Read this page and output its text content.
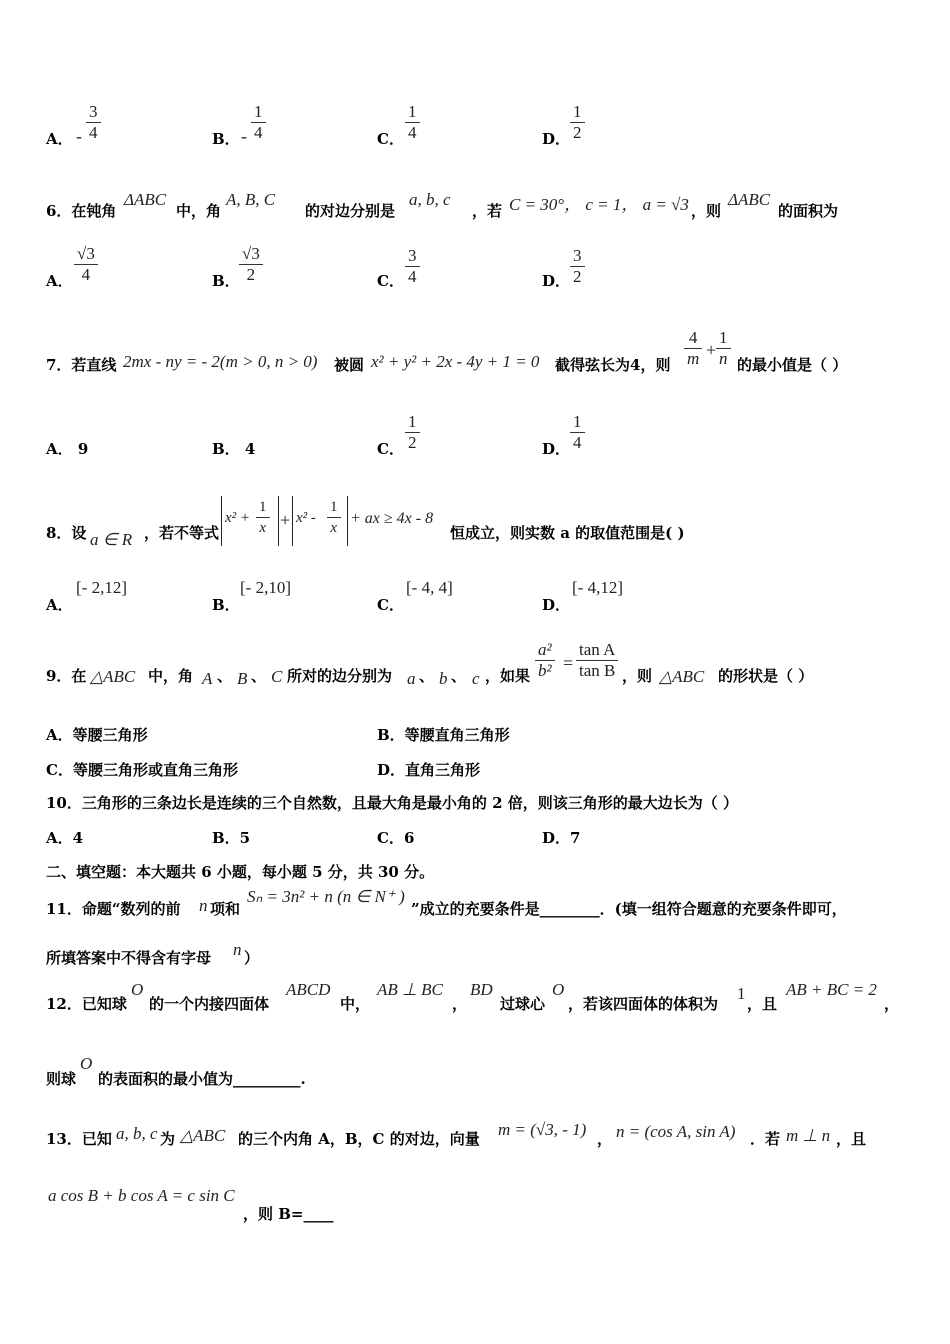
A． -
3
4	B． -
1
4	C．
1
4	D．
1
2
6．在钝角
ΔABC
中，角
A, B, C
的对边分别是
a, b, c
，若 C = 30°， c = 1， a = √3 ，则
ΔABC
的面积为
A．
√3
4	B．
√3
2	C．
3
4	D．
3
2
7．若直线 2mx - ny = - 2(m > 0, n > 0) 被圆 x² + y² + 2x - 4y + 1 = 0 截得弦长为4，则
4
m +
1
n 的最小值是（ ）
A． 9	B． 4	C．
1
2	D．
1
4
8．设 a ∈ R ，若不等式
x² +
1
x + x² -
1
x
+ ax ≥ 4x - 8
恒成立，则实数 a 的取值范围是( )
A．
[- 2,12]
B．
[- 2,10]
C．
[- 4, 4]
D．
[- 4,12]
9．在 △ABC 中，角 A 、 B 、 C 所对的边分别为 a 、 b 、 c ，如果
a²
b² =
tan A
tan B ，则 △ABC 的形状是（ ）
A．等腰三角形	B．等腰直角三角形
C．等腰三角形或直角三角形	D．直角三角形
10．三角形的三条边长是连续的三个自然数，且最大角是最小角的 2 倍，则该三角形的最大边长为（ ）
A．4	B．5	C．6	D．7
二、填空题：本大题共 6 小题，每小题 5 分，共 30 分。
11．命题“数列的前 n 项和
Sₙ = 3n² + n (n ∈ N⁺ )
”成立的充要条件是________．(填一组符合题意的充要条件即可，
所填答案中不得含有字母 n ）
12．已知球
O
的一个内接四面体
ABCD
中，
AB ⊥ BC
，
BD
过球心
O
，若该四面体的体积为
1
，且
AB + BC = 2
，
则球
O
的表面积的最小值为_________.
13．已知 a, b, c 为 △ABC 的三个内角 A，B，C 的对边，向量 m = (√3, - 1) ， n = (cos A, sin A) ．若 m ⊥ n ，且
a cos B + b cos A = c sin C
，则 B=____
